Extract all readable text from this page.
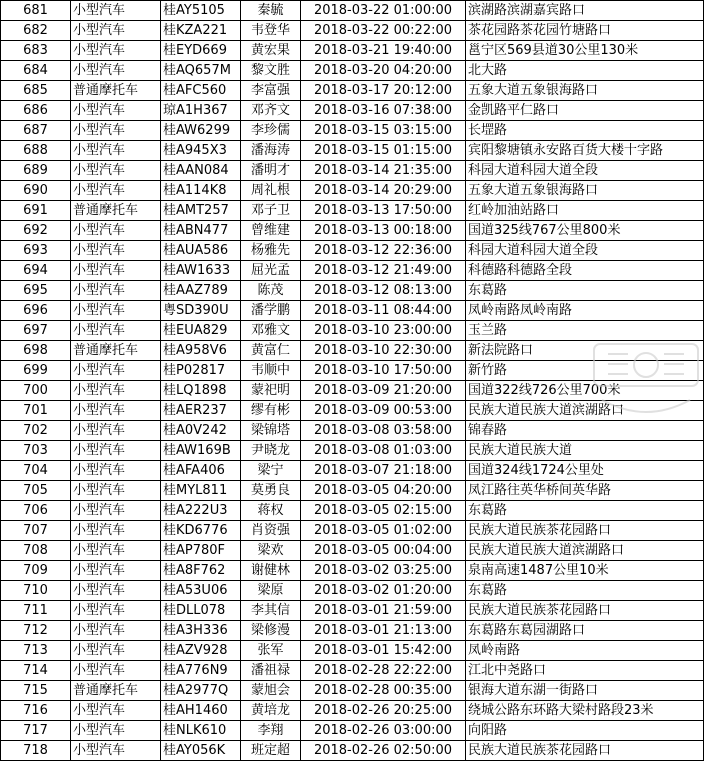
681	小型汽车	桂AY5105	秦毓	2018-03-22 01:00:00	滨湖路滨湖嘉宾路口
682	小型汽车	桂KZA221	韦登华	2018-03-22 00:22:00	茶花园路茶花园竹塘路口
683	小型汽车	桂EYD669	黄宏果	2018-03-21 19:40:00	邕宁区569县道30公里130米
684	小型汽车	桂AQ657M	黎文胜	2018-03-20 04:20:00	北大路
685	普通摩托车	桂AFC560	李富强	2018-03-17 20:12:00	五象大道五象银海路口
686	小型汽车	琼A1H367	邓齐文	2018-03-16 07:38:00	金凯路平仁路口
687	小型汽车	桂AW6299	李珍儒	2018-03-15 03:15:00	长堽路
688	小型汽车	桂A945X3	潘海涛	2018-03-15 01:15:00	宾阳黎塘镇永安路百货大楼十字路
689	小型汽车	桂AAN084	潘明才	2018-03-14 21:35:00	科园大道科园大道全段
690	小型汽车	桂A114K8	周礼根	2018-03-14 20:29:00	五象大道五象银海路口
691	普通摩托车	桂AMT257	邓子卫	2018-03-13 17:50:00	红岭加油站路口
692	小型汽车	桂ABN477	曾维建	2018-03-13 00:18:00	国道325线767公里800米
693	小型汽车	桂AUA586	杨雅先	2018-03-12 22:36:00	科园大道科园大道全段
694	小型汽车	桂AW1633	屈光孟	2018-03-12 21:49:00	科德路科德路全段
695	小型汽车	桂AAZ789	陈茂	2018-03-12 08:13:00	东葛路
696	小型汽车	粤SD390U	潘学鹏	2018-03-11 08:44:00	凤岭南路凤岭南路
697	小型汽车	桂EUA829	邓雅文	2018-03-10 23:00:00	玉兰路
698	普通摩托车	桂A958V6	黄富仁	2018-03-10 22:30:00	新法院路口
699	小型汽车	桂P02817	韦顺中	2018-03-10 17:50:00	新竹路
700	小型汽车	桂LQ1898	蒙祀明	2018-03-09 21:20:00	国道322线726公里700米
701	小型汽车	桂AER237	缪有彬	2018-03-09 00:53:00	民族大道民族大道滨湖路口
702	小型汽车	桂A0V242	梁锦塔	2018-03-08 03:58:00	锦春路
703	小型汽车	桂AW169B	尹晓龙	2018-03-08 01:03:00	民族大道民族大道
704	小型汽车	桂AFA406	梁宁	2018-03-07 21:18:00	国道324线1724公里处
705	小型汽车	桂MYL811	莫勇良	2018-03-05 04:20:00	凤江路往英华桥间英华路
706	小型汽车	桂A222U3	蒋权	2018-03-05 02:15:00	东葛路
707	小型汽车	桂KD6776	肖资强	2018-03-05 01:02:00	民族大道民族茶花园路口
708	小型汽车	桂AP780F	梁欢	2018-03-05 00:04:00	民族大道民族大道滨湖路口
709	小型汽车	桂A8F762	谢健林	2018-03-02 03:25:00	泉南高速1487公里10米
710	小型汽车	桂A53U06	梁原	2018-03-02 01:20:00	东葛路
711	小型汽车	桂DLL078	李其信	2018-03-01 21:59:00	民族大道民族茶花园路口
712	小型汽车	桂A3H336	梁修漫	2018-03-01 21:13:00	东葛路东葛园湖路口
713	小型汽车	桂AZV928	张军	2018-03-01 15:42:00	凤岭南路
714	小型汽车	桂A776N9	潘祖禄	2018-02-28 22:22:00	江北中尧路口
715	普通摩托车	桂A2977Q	蒙旭会	2018-02-28 00:35:00	银海大道东湖一街路口
716	小型汽车	桂AH1460	黄培龙	2018-02-26 20:25:00	绕城公路东环路大梁村路段23米
717	小型汽车	桂NLK610	李翔	2018-02-26 03:00:00	向阳路
718	小型汽车	桂AY056K	班定超	2018-02-26 02:50:00	民族大道民族茶花园路口
